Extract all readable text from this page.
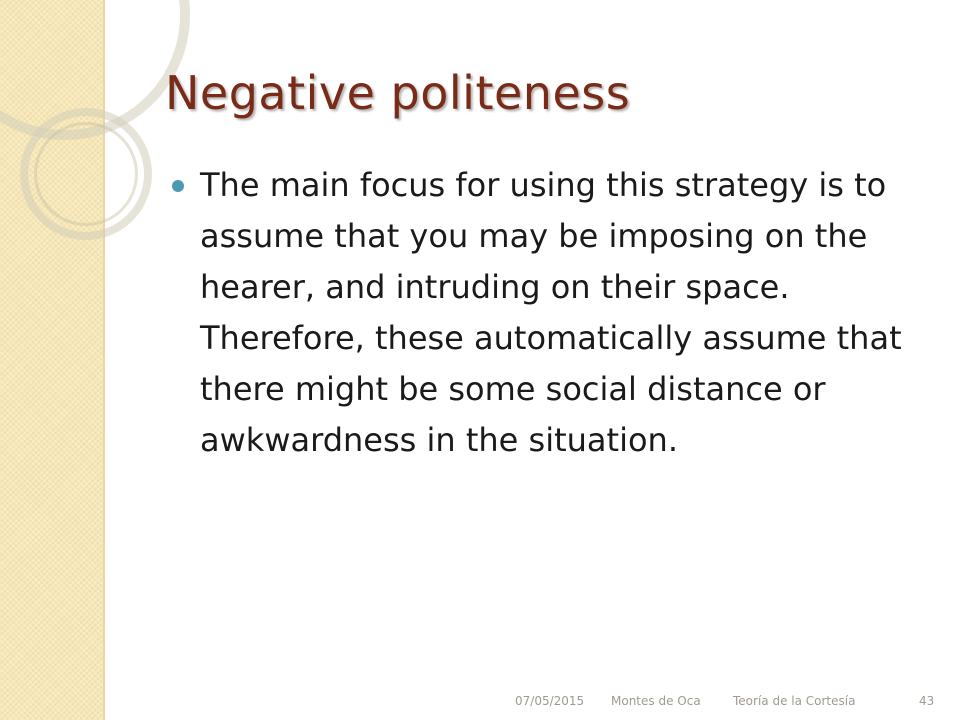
Negative politeness

The main focus for using this strategy is to assume that you may be imposing on the hearer, and intruding on their space. Therefore, these automatically assume that there might be some social distance or awkwardness in the situation.

07/05/2015 Montes de Oca	Teoría de la Cortesía	43
